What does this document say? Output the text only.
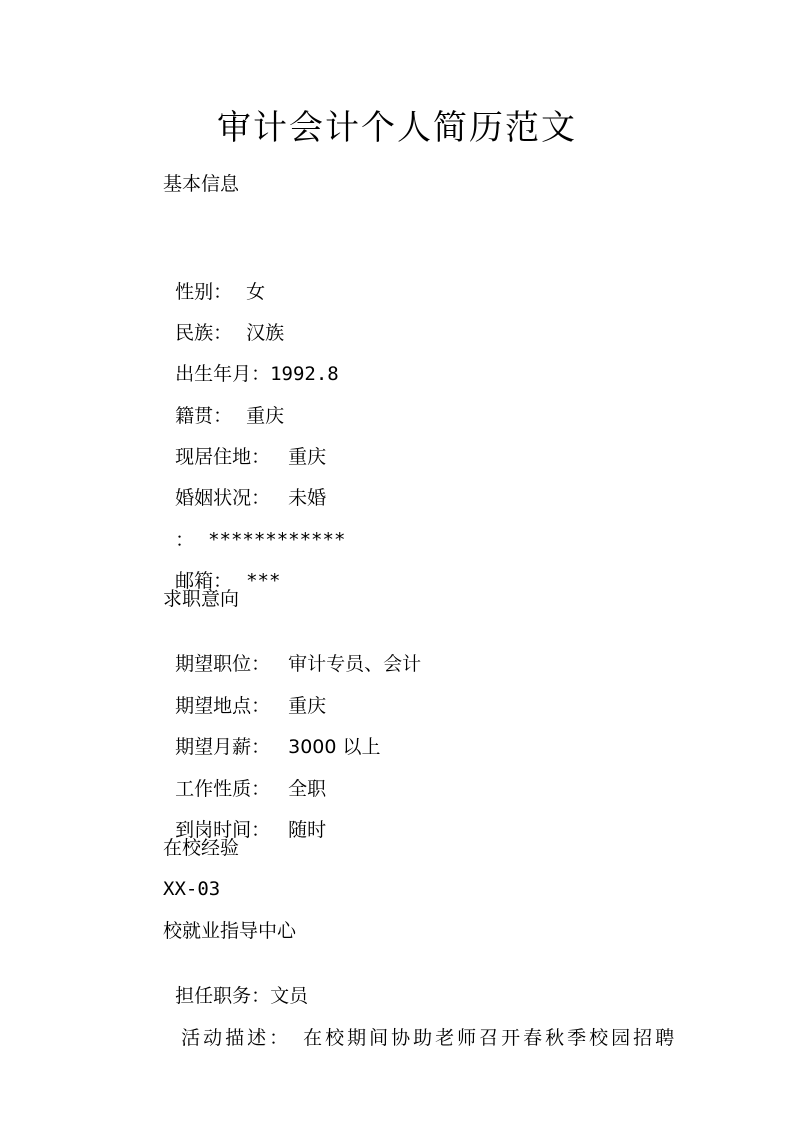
审计会计个人简历范文
基本信息

性别： 女

民族： 汉族

出生年月：1992.8

籍贯： 重庆

现居住地： 重庆

婚姻状况： 未婚

： ************

邮箱： ***

求职意向

期望职位： 审计专员、会计

期望地点： 重庆

期望月薪： 3000 以上

工作性质： 全职

到岗时间： 随时

在校经验
XX-03
校就业指导中心

担任职务：文员

活动描述： 在校期间协助老师召开春秋季校园招聘
